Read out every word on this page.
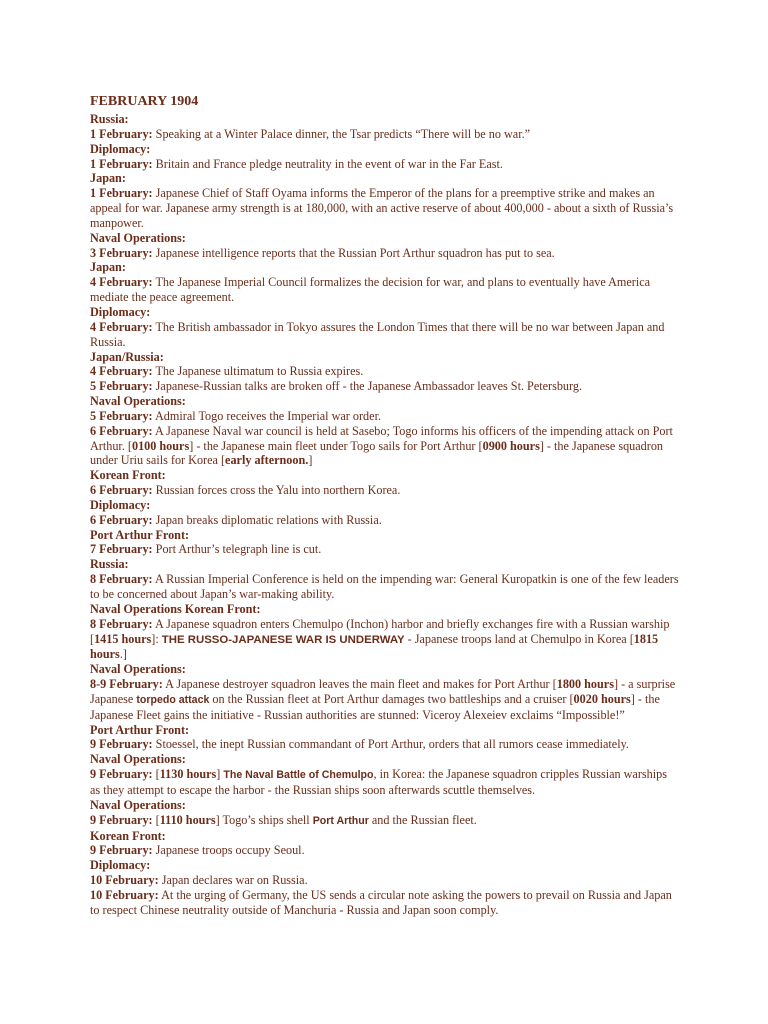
FEBRUARY 1904
Russia:
1 February: Speaking at a Winter Palace dinner, the Tsar predicts “There will be no war.”
Diplomacy:
1 February: Britain and France pledge neutrality in the event of war in the Far East.
Japan:
1 February: Japanese Chief of Staff Oyama informs the Emperor of the plans for a preemptive strike and makes an appeal for war. Japanese army strength is at 180,000, with an active reserve of about 400,000 - about a sixth of Russia’s manpower.
Naval Operations:
3 February: Japanese intelligence reports that the Russian Port Arthur squadron has put to sea.
Japan:
4 February: The Japanese Imperial Council formalizes the decision for war, and plans to eventually have America mediate the peace agreement.
Diplomacy:
4 February: The British ambassador in Tokyo assures the London Times that there will be no war between Japan and Russia.
Japan/Russia:
4 February: The Japanese ultimatum to Russia expires.
5 February: Japanese-Russian talks are broken off - the Japanese Ambassador leaves St. Petersburg.
Naval Operations:
5 February: Admiral Togo receives the Imperial war order.
6 February: A Japanese Naval war council is held at Sasebo; Togo informs his officers of the impending attack on Port Arthur. [0100 hours] - the Japanese main fleet under Togo sails for Port Arthur [0900 hours] - the Japanese squadron under Uriu sails for Korea [early afternoon.]
Korean Front:
6 February: Russian forces cross the Yalu into northern Korea.
Diplomacy:
6 February: Japan breaks diplomatic relations with Russia.
Port Arthur Front:
7 February: Port Arthur’s telegraph line is cut.
Russia:
8 February: A Russian Imperial Conference is held on the impending war: General Kuropatkin is one of the few leaders to be concerned about Japan’s war-making ability.
Naval Operations Korean Front:
8 February: A Japanese squadron enters Chemulpo (Inchon) harbor and briefly exchanges fire with a Russian warship [1415 hours]: THE RUSSO-JAPANESE WAR IS UNDERWAY - Japanese troops land at Chemulpo in Korea [1815 hours.]
Naval Operations:
8-9 February: A Japanese destroyer squadron leaves the main fleet and makes for Port Arthur [1800 hours] - a surprise Japanese torpedo attack on the Russian fleet at Port Arthur damages two battleships and a cruiser [0020 hours] - the Japanese Fleet gains the initiative - Russian authorities are stunned: Viceroy Alexeiev exclaims “Impossible!”
Port Arthur Front:
9 February: Stoessel, the inept Russian commandant of Port Arthur, orders that all rumors cease immediately.
Naval Operations:
9 February: [1130 hours] The Naval Battle of Chemulpo, in Korea: the Japanese squadron cripples Russian warships as they attempt to escape the harbor - the Russian ships soon afterwards scuttle themselves.
Naval Operations:
9 February: [1110 hours] Togo’s ships shell Port Arthur and the Russian fleet.
Korean Front:
9 February: Japanese troops occupy Seoul.
Diplomacy:
10 February: Japan declares war on Russia.
10 February: At the urging of Germany, the US sends a circular note asking the powers to prevail on Russia and Japan to respect Chinese neutrality outside of Manchuria - Russia and Japan soon comply.
